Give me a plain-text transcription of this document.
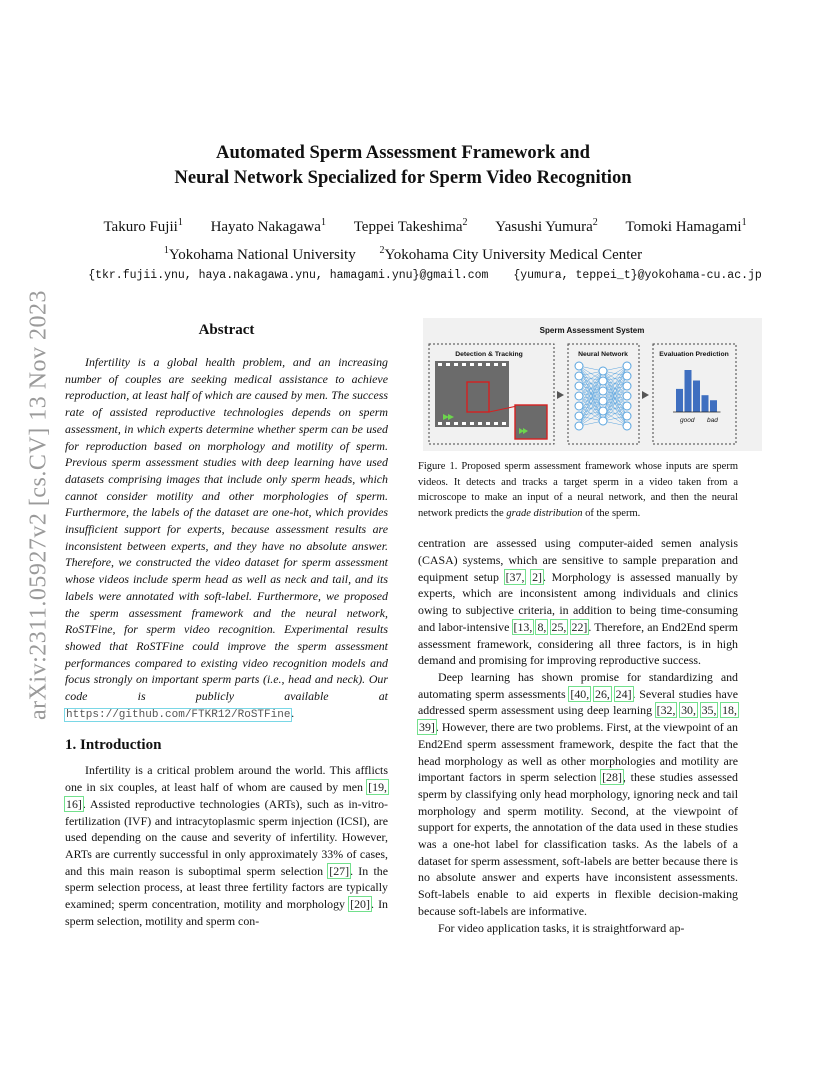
arXiv:2311.05927v2 [cs.CV] 13 Nov 2023
Automated Sperm Assessment Framework and
Neural Network Specialized for Sperm Video Recognition
Takuro Fujii$^1$ Hayato Nakagawa$^1$ Teppei Takeshima$^2$ Yasushi Yumura$^2$ Tomoki Hamagami$^1$
$^1$Yokohama National University $^2$Yokohama City University Medical Center
{tkr.fujii.ynu, haya.nakagawa.ynu, hamagami.ynu}@gmail.com {yumura, teppei_t}@yokohama-cu.ac.jp
Abstract

Infertility is a global health problem, and an increasing number of couples are seeking medical assistance to achieve reproduction, at least half of which are caused by men. The success rate of assisted reproductive technologies depends on sperm assessment, in which experts determine whether sperm can be used for reproduction based on morphology and motility of sperm. Previous sperm assessment studies with deep learning have used datasets comprising images that include only sperm heads, which cannot consider motility and other morphologies of sperm. Furthermore, the labels of the dataset are one-hot, which provides insufficient support for experts, because assessment results are inconsistent between experts, and they have no absolute answer. Therefore, we constructed the video dataset for sperm assessment whose videos include sperm head as well as neck and tail, and its labels were annotated with soft-label. Furthermore, we proposed the sperm assessment framework and the neural network, RoSTFine, for sperm video recognition. Experimental results showed that RoSTFine could improve the sperm assessment performances compared to existing video recognition models and focus strongly on important sperm parts (i.e., head and neck). Our code is publicly available at https://github.com/FTKR12/RoSTFine.

1. Introduction

Infertility is a critical problem around the world. This afflicts one in six couples, at least half of whom are caused by men [19, 16]. Assisted reproductive technologies (ARTs), such as in-vitro-fertilization (IVF) and intracytoplasmic sperm injection (ICSI), are used depending on the cause and severity of infertility. However, ARTs are currently successful in only approximately 33% of cases, and this main reason is suboptimal sperm selection [27]. In the sperm selection process, at least three fertility factors are typically examined; sperm concentration, motility and morphology [20]. In sperm selection, motility and sperm con-

Sperm Assessment System
Detection & Tracking	Neural Network	Evaluation Prediction
good bad

Figure 1. Proposed sperm assessment framework whose inputs are sperm videos. It detects and tracks a target sperm in a video taken from a microscope to make an input of a neural network, and then the neural network predicts the grade distribution of the sperm.

centration are assessed using computer-aided semen analysis (CASA) systems, which are sensitive to sample preparation and equipment setup [37, 2]. Morphology is assessed manually by experts, which are inconsistent among individuals and clinics owing to subjective criteria, in addition to being time-consuming and labor-intensive [13, 8, 25, 22]. Therefore, an End2End sperm assessment framework, considering all three factors, is in high demand and promising for improving reproductive success.

Deep learning has shown promise for standardizing and automating sperm assessments [40, 26, 24]. Several studies have addressed sperm assessment using deep learning [32, 30, 35, 18, 39]. However, there are two problems. First, at the viewpoint of an End2End sperm assessment framework, despite the fact that the head morphology as well as other morphologies and motility are important factors in sperm selection [28], these studies assessed sperm by classifying only head morphology, ignoring neck and tail morphology and sperm motility. Second, at the viewpoint of support for experts, the annotation of the data used in these studies was a one-hot label for classification tasks. As the labels of a dataset for sperm assessment, soft-labels are better because there is no absolute answer and experts have inconsistent assessments. Soft-labels enable to aid experts in flexible decision-making because soft-labels are informative.

For video application tasks, it is straightforward ap-
